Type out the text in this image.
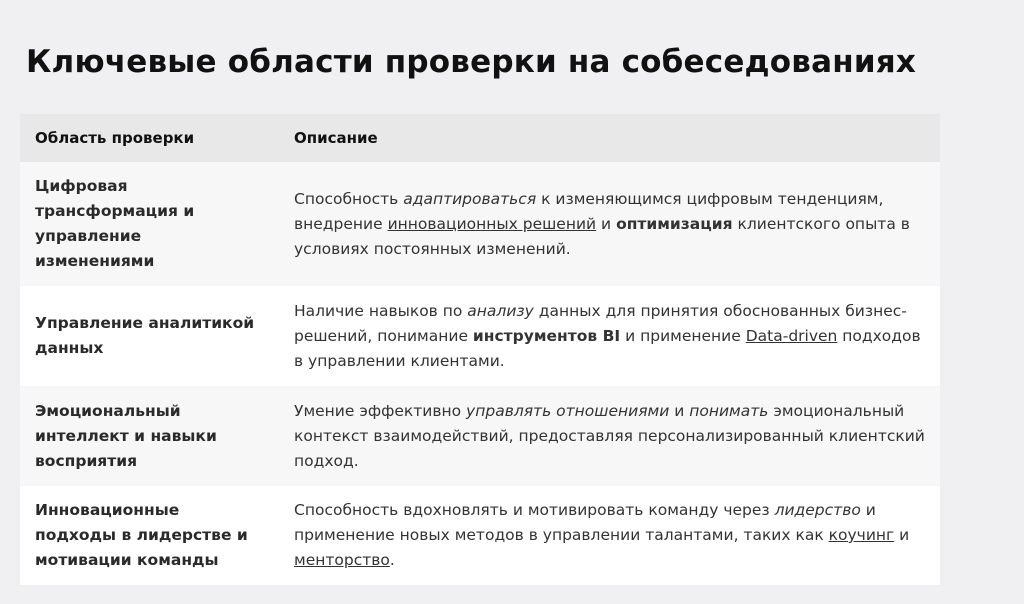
Ключевые области проверки на собеседованиях
Область проверки	Описание
Цифровая трансформация и управление изменениями	Способность адаптироваться к изменяющимся цифровым тенденциям, внедрение инновационных решений и оптимизация клиентского опыта в условиях постоянных изменений.
Управление аналитикой данных	Наличие навыков по анализу данных для принятия обоснованных бизнес-решений, понимание инструментов BI и применение Data-driven подходов в управлении клиентами.
Эмоциональный интеллект и навыки восприятия	Умение эффективно управлять отношениями и понимать эмоциональный контекст взаимодействий, предоставляя персонализированный клиентский подход.
Инновационные подходы в лидерстве и мотивации команды	Способность вдохновлять и мотивировать команду через лидерство и применение новых методов в управлении талантами, таких как коучинг и менторство.
